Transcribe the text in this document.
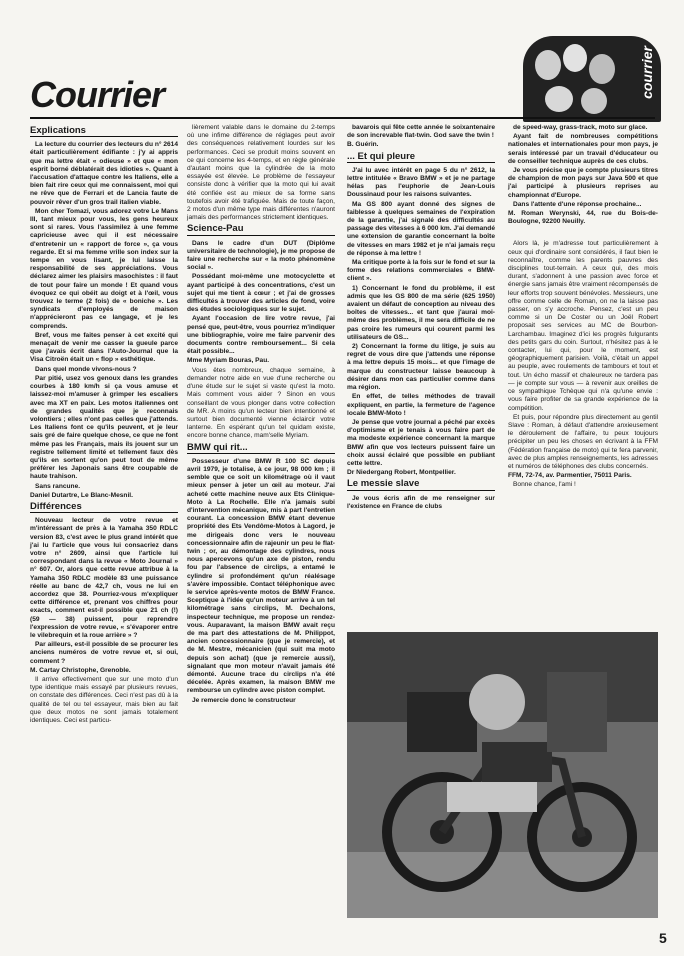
courrier
Courrier
Explications

La lecture du courrier des lecteurs du n° 2614 était particulièrement édifiante : j'y ai appris que ma lettre était « odieuse » et que « mon esprit borné déblatérait des idioties ». Quant à l'accusation d'attaque contre les Italiens, elle a bien fait rire ceux qui me connaissent, moi qui ne rêve que de Ferrari et de Lancia faute de pouvoir rêver d'un gros trail italien viable.

Mon cher Tomazi, vous adorez votre Le Mans III, tant mieux pour vous, les gens heureux sont si rares. Vous l'assimilez à une femme capricieuse avec qui il est nécessaire d'entretenir un « rapport de force », ça vous regarde. Et si ma femme vrille son index sur la tempe en vous lisant, je lui laisse la responsabilité de ses appréciations. Vous déclarez aimer les plaisirs masochistes : il faut de tout pour faire un monde ! Et quand vous évoquez ce qui obéit au doigt et à l'œil, vous trouvez le terme (2 fois) de « boniche ». Les syndicats d'employés de maison n'apprécieront pas ce langage, et je les comprends.

Bref, vous me faites penser à cet excité qui menaçait de venir me casser la gueule parce que j'avais écrit dans l'Auto-Journal que la Visa Citroën était un « flop » esthétique.

Dans quel monde vivons-nous ?

Par pitié, usez vos genoux dans les grandes courbes à 180 km/h si ça vous amuse et laissez-moi m'amuser à grimper les escaliers avec ma XT en paix. Les motos italiennes ont de grandes qualités que je reconnais volontiers ; elles n'ont pas celles que j'attends. Les Italiens font ce qu'ils peuvent, et je leur sais gré de faire quelque chose, ce que ne font même pas les Français, mais ils jouent sur un registre tellement limité et tellement faux dès qu'ils en sortent qu'on peut tout de même préférer les Japonais sans être coupable de haute trahison.

Sans rancune.

Daniel Dutartre, Le Blanc-Mesnil.

Différences

Nouveau lecteur de votre revue et m'intéressant de près à la Yamaha 350 RDLC version 83, c'est avec le plus grand intérêt que j'ai lu l'article que vous lui consacriez dans votre n° 2609, ainsi que l'article lui correspondant dans la revue « Moto Journal » n° 607. Or, alors que cette revue attribue à la Yamaha 350 RDLC modèle 83 une puissance réelle au banc de 42,7 ch, vous ne lui en accordez que 38. Pourriez-vous m'expliquer cette différence et, prenant vos chiffres pour exacts, comment est-il possible que 21 ch (!) (59 — 38) puissent, pour reprendre l'expression de votre revue, « s'évaporer entre le vilebrequin et la roue arrière » ?

Par ailleurs, est-il possible de se procurer les anciens numéros de votre revue et, si oui, comment ?

M. Cartay Christophe, Grenoble.

Il arrive effectivement que sur une moto d'un type identique mais essayé par plusieurs revues, on constate des différences. Ceci n'est pas dû à la qualité de tel ou tel essayeur, mais bien au fait que deux motos ne sont jamais totalement identiques. Ceci est particu-

lièrement valable dans le domaine du 2-temps où une infime différence de réglages peut avoir des conséquences relativement lourdes sur les performances. Ceci se produit moins souvent en ce qui concerne les 4-temps, et en règle générale d'autant moins que la cylindrée de la moto essayée est élevée. Le problème de l'essayeur consiste donc à vérifier que la moto qui lui avait été confiée est au mieux de sa forme sans toutefois avoir été trafiquée. Mais de toute façon, 2 motos d'un même type mais différentes n'auront jamais des performances strictement identiques.

Science-Pau

Dans le cadre d'un DUT (Diplôme universitaire de technologie), je me propose de faire une recherche sur « la moto phénomène social ».

Possédant moi-même une motocyclette et ayant participé à des concentrations, c'est un sujet qui me tient à cœur ; et j'ai de grosses difficultés à trouver des articles de fond, voire des études sociologiques sur le sujet.

Ayant l'occasion de lire votre revue, j'ai pensé que, peut-être, vous pourriez m'indiquer une bibliographie, voire me faire parvenir des documents contre remboursement... Si cela était possible...

Mme Myriam Bouras, Pau.

Vous êtes nombreux, chaque semaine, à demander notre aide en vue d'une recherche ou d'une étude sur le sujet si vaste qu'est la moto. Mais comment vous aider ? Sinon en vous conseillant de vous plonger dans votre collection de MR. A moins qu'un lecteur bien intentionné et surtout bien documenté vienne éclaircir votre lanterne. En espérant qu'un tel quidam existe, encore bonne chance, mam'selle Myriam.

BMW qui rit...

Possesseur d'une BMW R 100 SC depuis avril 1979, je totalise, à ce jour, 98 000 km ; il semble que ce soit un kilométrage où il vaut mieux penser à jeter un œil au moteur. J'ai acheté cette machine neuve aux Ets Clinique-Moto à La Rochelle. Elle n'a jamais subi d'intervention mécanique, mis à part l'entretien courant. La concession BMW étant devenue propriété des Ets Vendôme-Motos à Lagord, je me dirigeais donc vers le nouveau concessionnaire afin de rajeunir un peu le flat-twin ; or, au démontage des cylindres, nous nous apercevons qu'un axe de piston, rendu fou par l'absence de circlips, a entamé le cylindre si profondément qu'un réalésage s'avère impossible. Contact téléphonique avec le service après-vente motos de BMW France. Sceptique à l'idée qu'un moteur arrive à un tel kilométrage sans circlips, M. Dechalons, inspecteur technique, me propose un rendez-vous. Auparavant, la maison BMW avait reçu de ma part des attestations de M. Philippot, ancien concessionnaire (que je remercie), et de M. Mestre, mécanicien (qui suit ma moto depuis son achat) (que je remercie aussi), signalant que mon moteur n'avait jamais été démonté. Aucune trace du circlips n'a été décelée. Après examen, la maison BMW me rembourse un cylindre avec piston complet.

Je remercie donc le constructeur

bavarois qui fête cette année le soixantenaire de son increvable flat-twin. God save the twin !

B. Guérin.

... Et qui pleure

J'ai lu avec intérêt en page 5 du n° 2612, la lettre intitulée « Bravo BMW » et je ne partage hélas pas l'euphorie de Jean-Louis Doussinaud pour les raisons suivantes.

Ma GS 800 ayant donné des signes de faiblesse à quelques semaines de l'expiration de la garantie, j'ai signalé des difficultés au passage des vitesses à 6 000 km. J'ai demandé une extension de garantie concernant la boîte de vitesses en mars 1982 et je n'ai jamais reçu de réponse à ma lettre !

Ma critique porte à la fois sur le fond et sur la forme des relations commerciales « BMW-client ».

1) Concernant le fond du problème, il est admis que les GS 800 de ma série (625 1950) avaient un défaut de conception au niveau des boîtes de vitesses... et tant que j'aurai moi-même des problèmes, il me sera difficile de ne pas croire les rumeurs qui courent parmi les utilisateurs de GS...

2) Concernant la forme du litige, je suis au regret de vous dire que j'attends une réponse à ma lettre depuis 15 mois... et que l'image de marque du constructeur laisse beaucoup à désirer dans mon cas particulier comme dans ma région.

En effet, de telles méthodes de travail expliquent, en partie, la fermeture de l'agence locale BMW-Moto !

Je pense que votre journal a péché par excès d'optimisme et je tenais à vous faire part de ma modeste expérience concernant la marque BMW afin que vos lecteurs puissent faire un choix aussi éclairé que possible en publiant cette lettre.

Dr Niedergang Robert, Montpellier.

Le messie slave

Je vous écris afin de me renseigner sur l'existence en France de clubs

de speed-way, grass-track, moto sur glace.

Ayant fait de nombreuses compétitions nationales et internationales pour mon pays, je serais intéressé par un travail d'éducateur ou de conseiller technique auprès de ces clubs.

Je vous précise que je compte plusieurs titres de champion de mon pays sur Java 500 et que j'ai participé à plusieurs reprises au championnat d'Europe.

Dans l'attente d'une réponse prochaine...

M. Roman Werynski, 44, rue du Bois-de-Boulogne, 92200 Neuilly.

Alors là, je m'adresse tout particulièrement à ceux qui d'ordinaire sont considérés, il faut bien le reconnaître, comme les parents pauvres des disciplines tout-terrain. A ceux qui, des mois durant, s'adonnent à une passion avec force et énergie sans jamais être vraiment récompensés de leur efforts trop souvent bénévoles. Messieurs, une offre comme celle de Roman, on ne la laisse pas passer, on s'y accroche. Pensez, c'est un peu comme si un De Coster ou un Joël Robert proposait ses services au MC de Bourbon-Larchambau. Imaginez d'ici les progrès fulgurants des petits gars du coin. Surtout, n'hésitez pas à le contacter, lui qui, pour le moment, est géographiquement parisien. Voilà, c'était un appel au peuple, avec roulements de tambours et tout et tout. Un écho massif et chaleureux ne tardera pas — je compte sur vous — à revenir aux oreilles de ce sympathique Tchèque qui n'a qu'une envie : vous faire profiter de sa grande expérience de la compétition.

Et puis, pour répondre plus directement au gentil Slave : Roman, à défaut d'attendre anxieusement le déroulement de l'affaire, tu peux toujours précipiter un peu les choses en écrivant à la FFM (Fédération française de moto) qui te fera parvenir, avec de plus amples renseignements, les adresses et numéros de téléphones des clubs concernés.

FFM, 72-74, av. Parmentier, 75011 Paris.

Bonne chance, l'ami !

5
